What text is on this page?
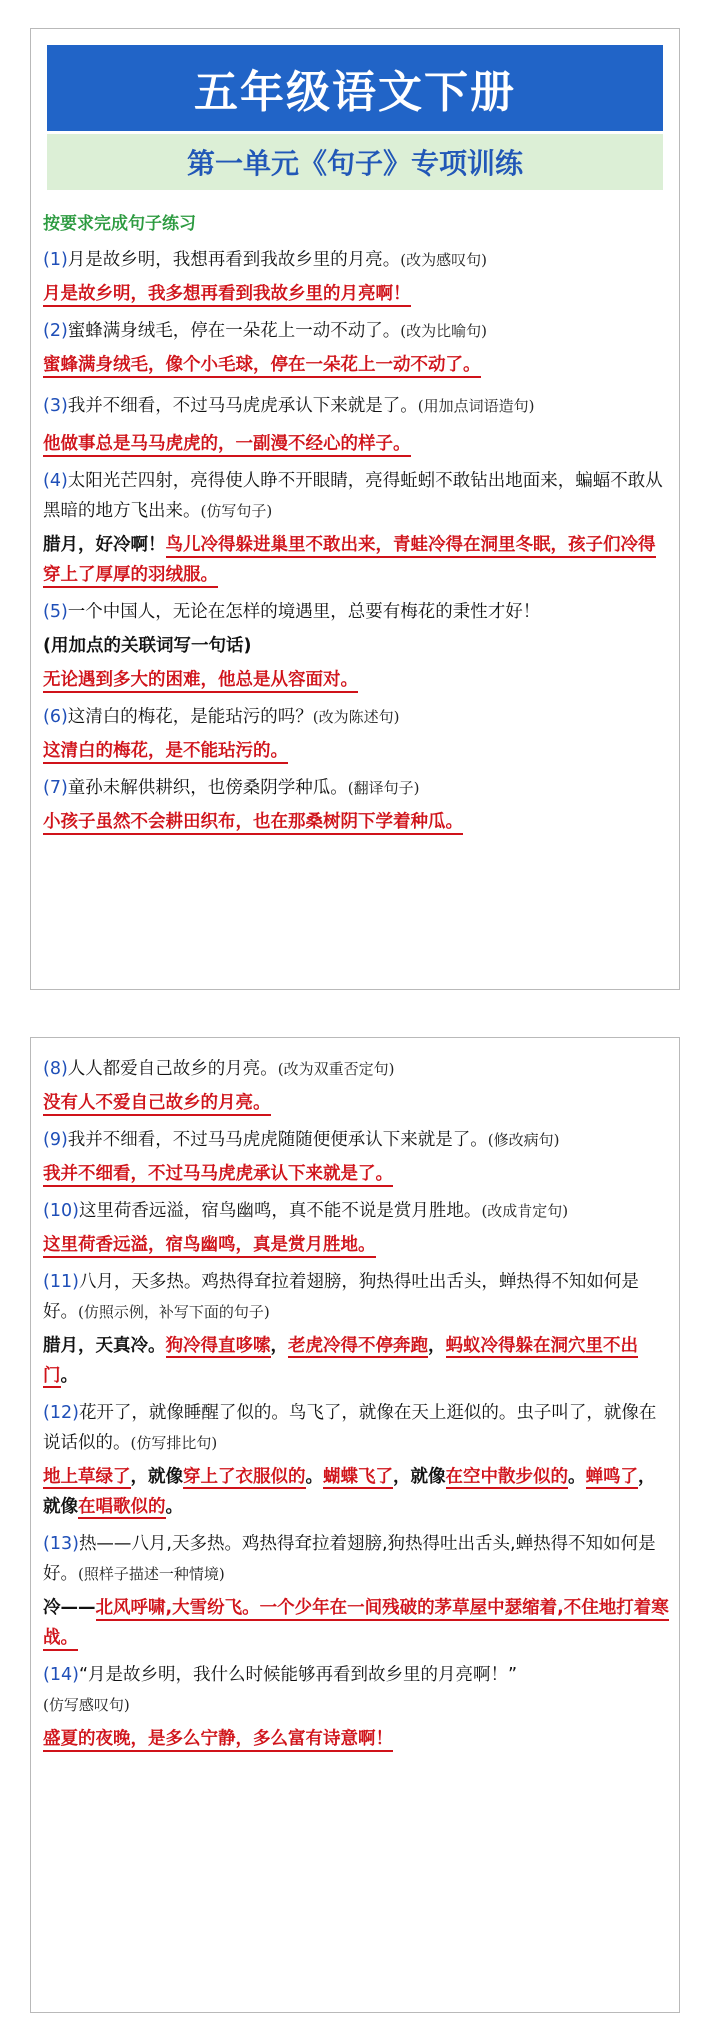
五年级语文下册
第一单元《句子》专项训练
按要求完成句子练习

(1)月是故乡明，我想再看到我故乡里的月亮。(改为感叹句)

月是故乡明，我多想再看到我故乡里的月亮啊！

(2)蜜蜂满身绒毛，停在一朵花上一动不动了。(改为比喻句)

蜜蜂满身绒毛，像个小毛球，停在一朵花上一动不动了。

(3)我并不细看，不过马马虎虎承认下来就是了。(用加点词语造句)

他做事总是马马虎虎的，一副漫不经心的样子。

(4)太阳光芒四射，亮得使人睁不开眼睛，亮得蚯蚓不敢钻出地面来，蝙蝠不敢从黑暗的地方飞出来。(仿写句子)

腊月，好冷啊！鸟儿冷得躲进巢里不敢出来，青蛙冷得在洞里冬眠，孩子们冷得穿上了厚厚的羽绒服。

(5)一个中国人，无论在怎样的境遇里，总要有梅花的秉性才好！

(用加点的关联词写一句话)

无论遇到多大的困难，他总是从容面对。

(6)这清白的梅花，是能玷污的吗？(改为陈述句)

这清白的梅花，是不能玷污的。

(7)童孙未解供耕织，也傍桑阴学种瓜。(翻译句子)

小孩子虽然不会耕田织布，也在那桑树阴下学着种瓜。

(8)人人都爱自己故乡的月亮。(改为双重否定句)

没有人不爱自己故乡的月亮。

(9)我并不细看，不过马马虎虎随随便便承认下来就是了。(修改病句)

我并不细看，不过马马虎虎承认下来就是了。

(10)这里荷香远溢，宿鸟幽鸣，真不能不说是赏月胜地。(改成肯定句)

这里荷香远溢，宿鸟幽鸣，真是赏月胜地。

(11)八月，天多热。鸡热得耷拉着翅膀，狗热得吐出舌头，蝉热得不知如何是好。(仿照示例，补写下面的句子)

腊月，天真冷。狗冷得直哆嗦，老虎冷得不停奔跑，蚂蚁冷得躲在洞穴里不出门。

(12)花开了，就像睡醒了似的。鸟飞了，就像在天上逛似的。虫子叫了，就像在说话似的。(仿写排比句)

地上草绿了，就像穿上了衣服似的。蝴蝶飞了，就像在空中散步似的。蝉鸣了，就像在唱歌似的。

(13)热——八月,天多热。鸡热得耷拉着翅膀,狗热得吐出舌头,蝉热得不知如何是好。(照样子描述一种情境)

冷——北风呼啸,大雪纷飞。一个少年在一间残破的茅草屋中瑟缩着,不住地打着寒战。

(14)“月是故乡明，我什么时候能够再看到故乡里的月亮啊！”

(仿写感叹句)

盛夏的夜晚，是多么宁静，多么富有诗意啊！
